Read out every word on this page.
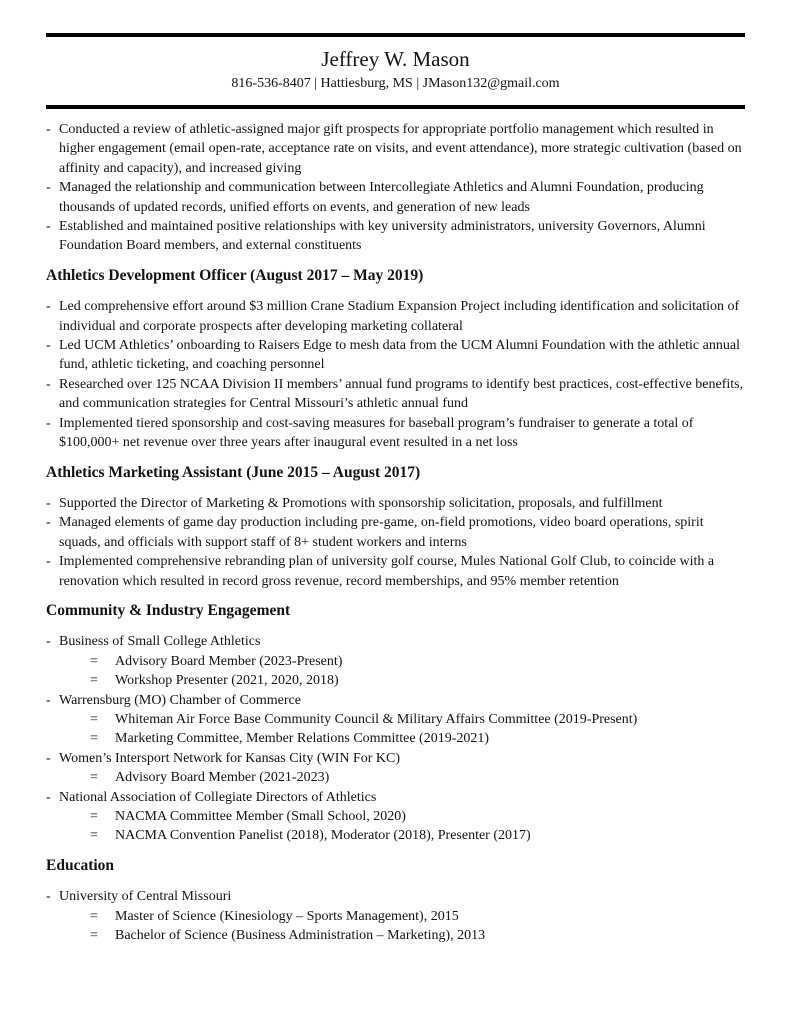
Jeffrey W. Mason
816-536-8407 | Hattiesburg, MS | JMason132@gmail.com
- Conducted a review of athletic-assigned major gift prospects for appropriate portfolio management which resulted in higher engagement (email open-rate, acceptance rate on visits, and event attendance), more strategic cultivation (based on affinity and capacity), and increased giving
- Managed the relationship and communication between Intercollegiate Athletics and Alumni Foundation, producing thousands of updated records, unified efforts on events, and generation of new leads
- Established and maintained positive relationships with key university administrators, university Governors, Alumni Foundation Board members, and external constituents
Athletics Development Officer (August 2017 – May 2019)
- Led comprehensive effort around $3 million Crane Stadium Expansion Project including identification and solicitation of individual and corporate prospects after developing marketing collateral
- Led UCM Athletics’ onboarding to Raisers Edge to mesh data from the UCM Alumni Foundation with the athletic annual fund, athletic ticketing, and coaching personnel
- Researched over 125 NCAA Division II members’ annual fund programs to identify best practices, cost-effective benefits, and communication strategies for Central Missouri’s athletic annual fund
- Implemented tiered sponsorship and cost-saving measures for baseball program’s fundraiser to generate a total of $100,000+ net revenue over three years after inaugural event resulted in a net loss
Athletics Marketing Assistant (June 2015 – August 2017)
- Supported the Director of Marketing & Promotions with sponsorship solicitation, proposals, and fulfillment
- Managed elements of game day production including pre-game, on-field promotions, video board operations, spirit squads, and officials with support staff of 8+ student workers and interns
- Implemented comprehensive rebranding plan of university golf course, Mules National Golf Club, to coincide with a renovation which resulted in record gross revenue, record memberships, and 95% member retention
Community & Industry Engagement
- Business of Small College Athletics
=	Advisory Board Member (2023-Present)
=	Workshop Presenter (2021, 2020, 2018)
- Warrensburg (MO) Chamber of Commerce
=	Whiteman Air Force Base Community Council & Military Affairs Committee (2019-Present)
=	Marketing Committee, Member Relations Committee (2019-2021)
- Women’s Intersport Network for Kansas City (WIN For KC)
=	Advisory Board Member (2021-2023)
- National Association of Collegiate Directors of Athletics
=	NACMA Committee Member (Small School, 2020)
=	NACMA Convention Panelist (2018), Moderator (2018), Presenter (2017)
Education
- University of Central Missouri
=	Master of Science (Kinesiology – Sports Management), 2015
=	Bachelor of Science (Business Administration – Marketing), 2013
